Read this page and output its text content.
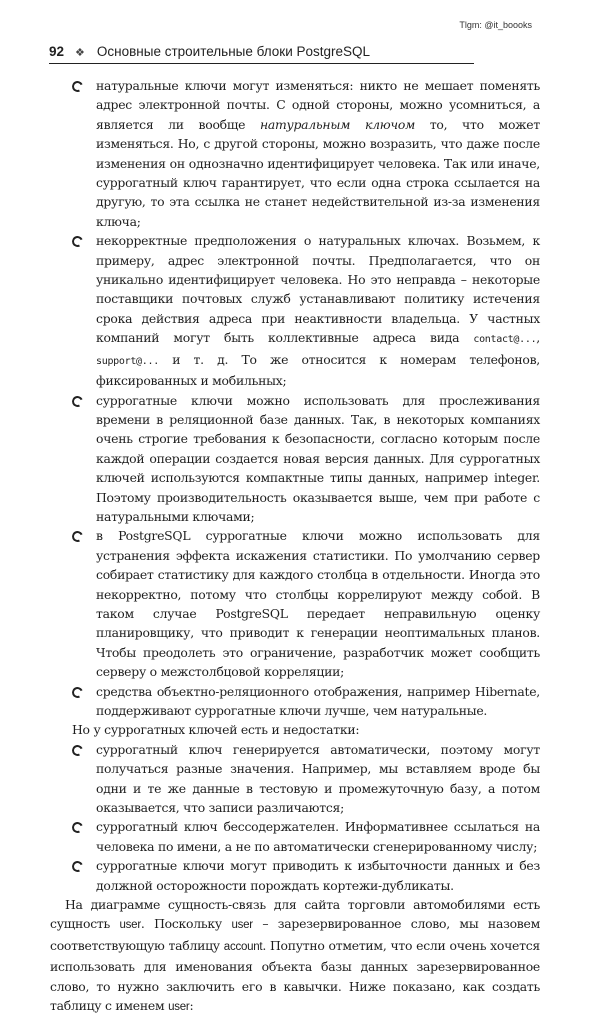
Tlgm: @it_boooks
92 ❖ Основные строительные блоки PostgreSQL
натуральные ключи могут изменяться: никто не мешает поменять адрес электронной почты. С одной стороны, можно усомниться, а является ли вообще натуральным ключом то, что может изменяться. Но, с другой стороны, можно возразить, что даже после изменения он однозначно идентифицирует человека. Так или иначе, суррогатный ключ гарантирует, что если одна строка ссылается на другую, то эта ссылка не станет недействительной из-за изменения ключа;
некорректные предположения о натуральных ключах. Возьмем, к примеру, адрес электронной почты. Предполагается, что он уникально идентифицирует человека. Но это неправда – некоторые поставщики почтовых служб устанавливают политику истечения срока действия адреса при неактивности владельца. У частных компаний могут быть коллективные адреса вида contact@..., support@... и т. д. То же относится к номерам телефонов, фиксированных и мобильных;
суррогатные ключи можно использовать для прослеживания времени в реляционной базе данных. Так, в некоторых компаниях очень строгие требования к безопасности, согласно которым после каждой операции создается новая версия данных. Для суррогатных ключей используются компактные типы данных, например integer. Поэтому производительность оказывается выше, чем при работе с натуральными ключами;
в PostgreSQL суррогатные ключи можно использовать для устранения эффекта искажения статистики. По умолчанию сервер собирает статистику для каждого столбца в отдельности. Иногда это некорректно, потому что столбцы коррелируют между собой. В таком случае PostgreSQL передает неправильную оценку планировщику, что приводит к генерации неоптимальных планов. Чтобы преодолеть это ограничение, разработчик может сообщить серверу о межстолбцовой корреляции;
средства объектно-реляционного отображения, например Hibernate, поддерживают суррогатные ключи лучше, чем натуральные.

Но у суррогатных ключей есть и недостатки:

суррогатный ключ генерируется автоматически, поэтому могут получаться разные значения. Например, мы вставляем вроде бы одни и те же данные в тестовую и промежуточную базу, а потом оказывается, что записи различаются;
суррогатный ключ бессодержателен. Информативнее ссылаться на человека по имени, а не по автоматически сгенерированному числу;
суррогатные ключи могут приводить к избыточности данных и без должной осторожности порождать кортежи-дубликаты.

На диаграмме сущность-связь для сайта торговли автомобилями есть сущность user. Поскольку user – зарезервированное слово, мы назовем соответствующую таблицу account. Попутно отметим, что если очень хочется использовать для именования объекта базы данных зарезервированное слово, то нужно заключить его в кавычки. Ниже показано, как создать таблицу с именем user:
